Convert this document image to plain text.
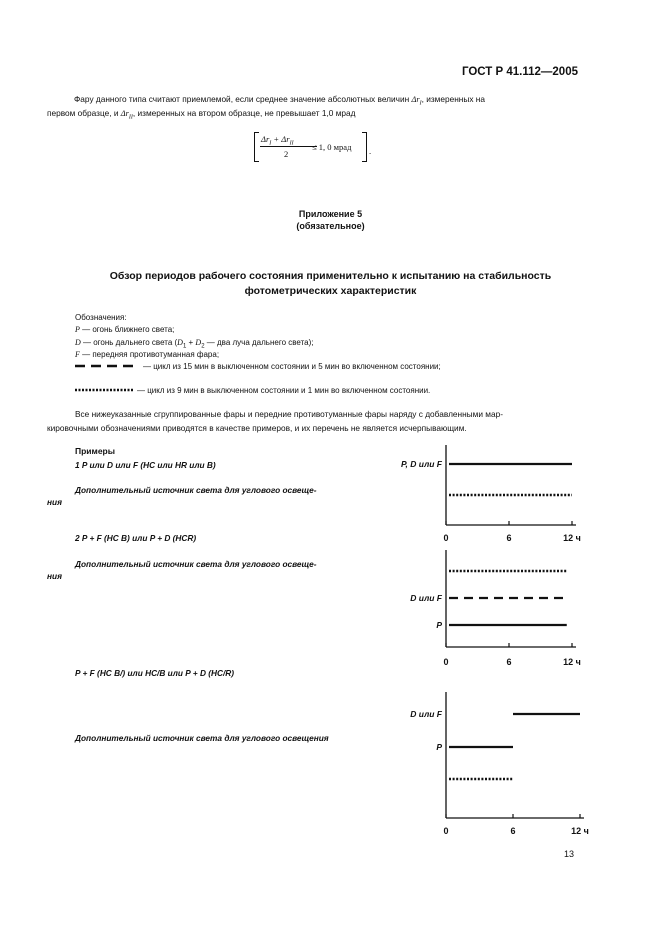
ГОСТ Р 41.112—2005
Фару данного типа считают приемлемой, если среднее значение абсолютных величин $\Delta r_I$, измеренных на
первом образце, и $\Delta r_{II}$, измеренных на втором образце, не превышает 1,0 мрад
$\Delta r_I + \Delta r_{II}$
2
≤ 1, 0 мрад .
Приложение 5
(обязательное)
Обзор периодов рабочего состояния применительно к испытанию на стабильность
фотометрических характеристик
Обозначения:
P — огонь ближнего света;
D — огонь дальнего света ($D_1 + D_2$ — два луча дальнего света);
F — передняя противотуманная фара;
— цикл из 15 мин в выключенном состоянии и 5 мин во включенном состоянии;
— цикл из 9 мин в выключенном состоянии и 1 мин во включенном состоянии.
Все нижеуказанные сгруппированные фары и передние противотуманные фары наряду с добавленными мар-
кировочными обозначениями приводятся в качестве примеров, и их перечень не является исчерпывающим.
Примеры
1 P или D или F (HC или HR или B)
Дополнительный источник света для углового освеще-
ния
2 P + F (HC B) или P + D (HCR)
Дополнительный источник света для углового освеще-
ния
P + F (HC B/) или HC/B или P + D (HC/R)
Дополнительный источник света для углового освещения
0	6	12 ч
P, D или F
0	6	12 ч
D или F
P
0	6	12 ч
D или F
P
13
